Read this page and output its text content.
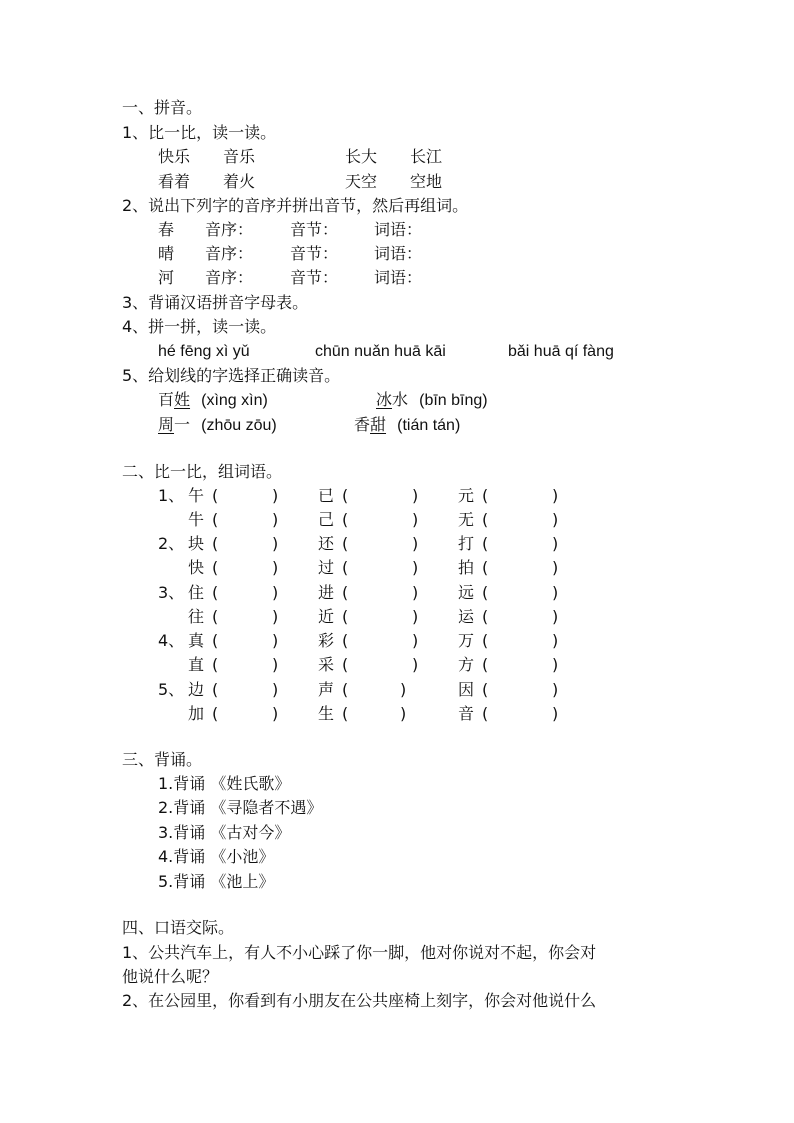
一、拼音。
1、比一比，读一读。
快乐 音乐	长大 长江
看着 着火	天空 空地
2、说出下列字的音序并拼出音节，然后再组词。
春 音序： 音节： 词语：
晴 音序： 音节： 词语：
河 音序： 音节： 词语：
3、背诵汉语拼音字母表。
4、拼一拼，读一读。
hé fēng xì yǔ	chūn nuǎn huā kāi	bǎi huā qí fàng
5、给划线的字选择正确读音。
百姓 (xìng xìn)	冰水 (bīn bīng)
周一 (zhōu zōu)	香甜 (tián tán)
二、比一比，组词语。
1、 午 (	) 已 (	) 元 (	)
牛 (	) 己 (	) 无 (	)
2、 块 (	) 还 (	) 打 (	)
快 (	) 过 (	) 拍 (	)
3、 住 (	) 进 (	) 远 (	)
往 (	) 近 (	) 运 (	)
4、 真 (	) 彩 (	) 万 (	)
直 (	) 采 (	) 方 (	)
5、 边 (	) 声 (	)	因 (	)
加 (	) 生 (	)	音 (	)
三、背诵。
1.背诵 《姓氏歌》
2.背诵 《寻隐者不遇》
3.背诵 《古对今》
4.背诵 《小池》
5.背诵 《池上》
四、口语交际。
1、公共汽车上，有人不小心踩了你一脚，他对你说对不起，你会对
他说什么呢？
2、在公园里，你看到有小朋友在公共座椅上刻字，你会对他说什么
